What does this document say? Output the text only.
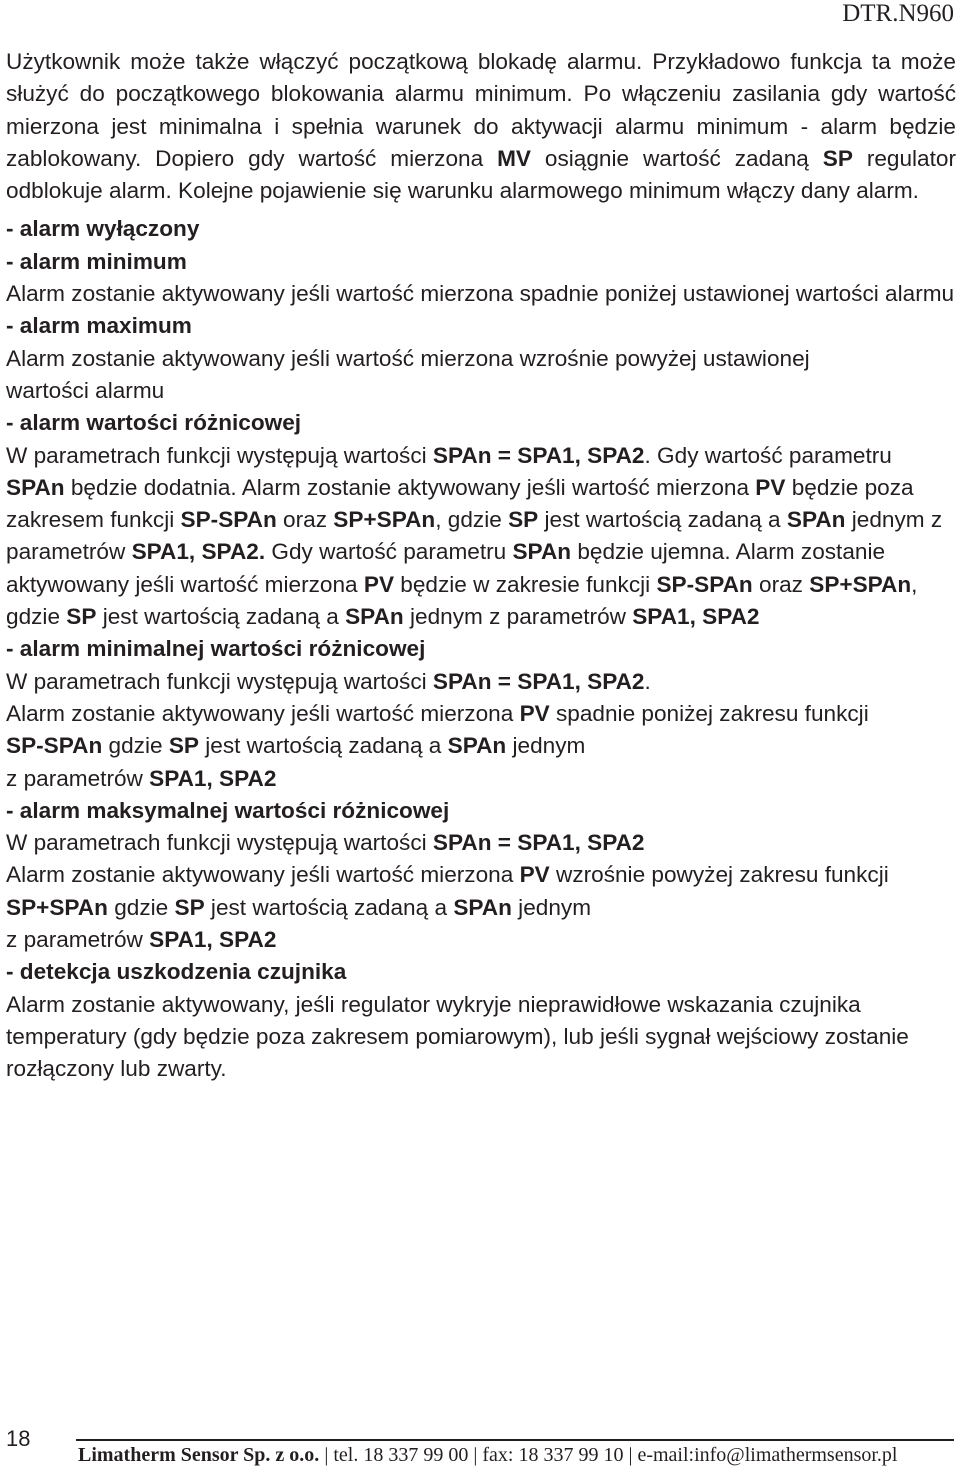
DTR.N960

Użytkownik może także włączyć początkową blokadę alarmu. Przykładowo funkcja ta może służyć do początkowego blokowania alarmu minimum. Po włączeniu zasilania gdy wartość mierzona jest minimalna i spełnia warunek do aktywacji alarmu minimum - alarm będzie zablokowany. Dopiero gdy wartość mierzona MV osiągnie wartość zadaną SP regulator odblokuje alarm. Kolejne pojawienie się warunku alarmowego minimum włączy dany alarm.

- alarm wyłączony

- alarm minimum

Alarm zostanie aktywowany jeśli wartość mierzona spadnie poniżej ustawionej wartości alarmu

- alarm maximum

Alarm zostanie aktywowany jeśli wartość mierzona wzrośnie powyżej ustawionej wartości alarmu

- alarm wartości różnicowej

W parametrach funkcji występują wartości SPAn = SPA1, SPA2. Gdy wartość parametru
SPAn będzie dodatnia. Alarm zostanie aktywowany jeśli wartość mierzona PV będzie poza zakresem funkcji SP-SPAn oraz SP+SPAn, gdzie SP jest wartością zadaną a SPAn jednym z parametrów SPA1, SPA2. Gdy wartość parametru SPAn będzie ujemna. Alarm zostanie aktywowany jeśli wartość mierzona PV będzie w zakresie funkcji SP-SPAn oraz SP+SPAn, gdzie SP jest wartością zadaną a SPAn jednym z parametrów SPA1, SPA2

- alarm minimalnej wartości różnicowej

W parametrach funkcji występują wartości SPAn = SPA1, SPA2.

Alarm zostanie aktywowany jeśli wartość mierzona PV spadnie poniżej zakresu funkcji SP-SPAn gdzie SP jest wartością zadaną a SPAn jednym
z parametrów SPA1, SPA2

- alarm maksymalnej wartości różnicowej

W parametrach funkcji występują wartości SPAn = SPA1, SPA2

Alarm zostanie aktywowany jeśli wartość mierzona PV wzrośnie powyżej zakresu funkcji SP+SPAn gdzie SP jest wartością zadaną a SPAn jednym
z parametrów SPA1, SPA2

- detekcja uszkodzenia czujnika

Alarm zostanie aktywowany, jeśli regulator wykryje nieprawidłowe wskazania czujnika temperatury (gdy będzie poza zakresem pomiarowym), lub jeśli sygnał wejściowy zostanie rozłączony lub zwarty.

18
Limatherm Sensor Sp. z o.o. | tel. 18 337 99 00 | fax: 18 337 99 10 | e-mail:info@limathermsensor.pl
